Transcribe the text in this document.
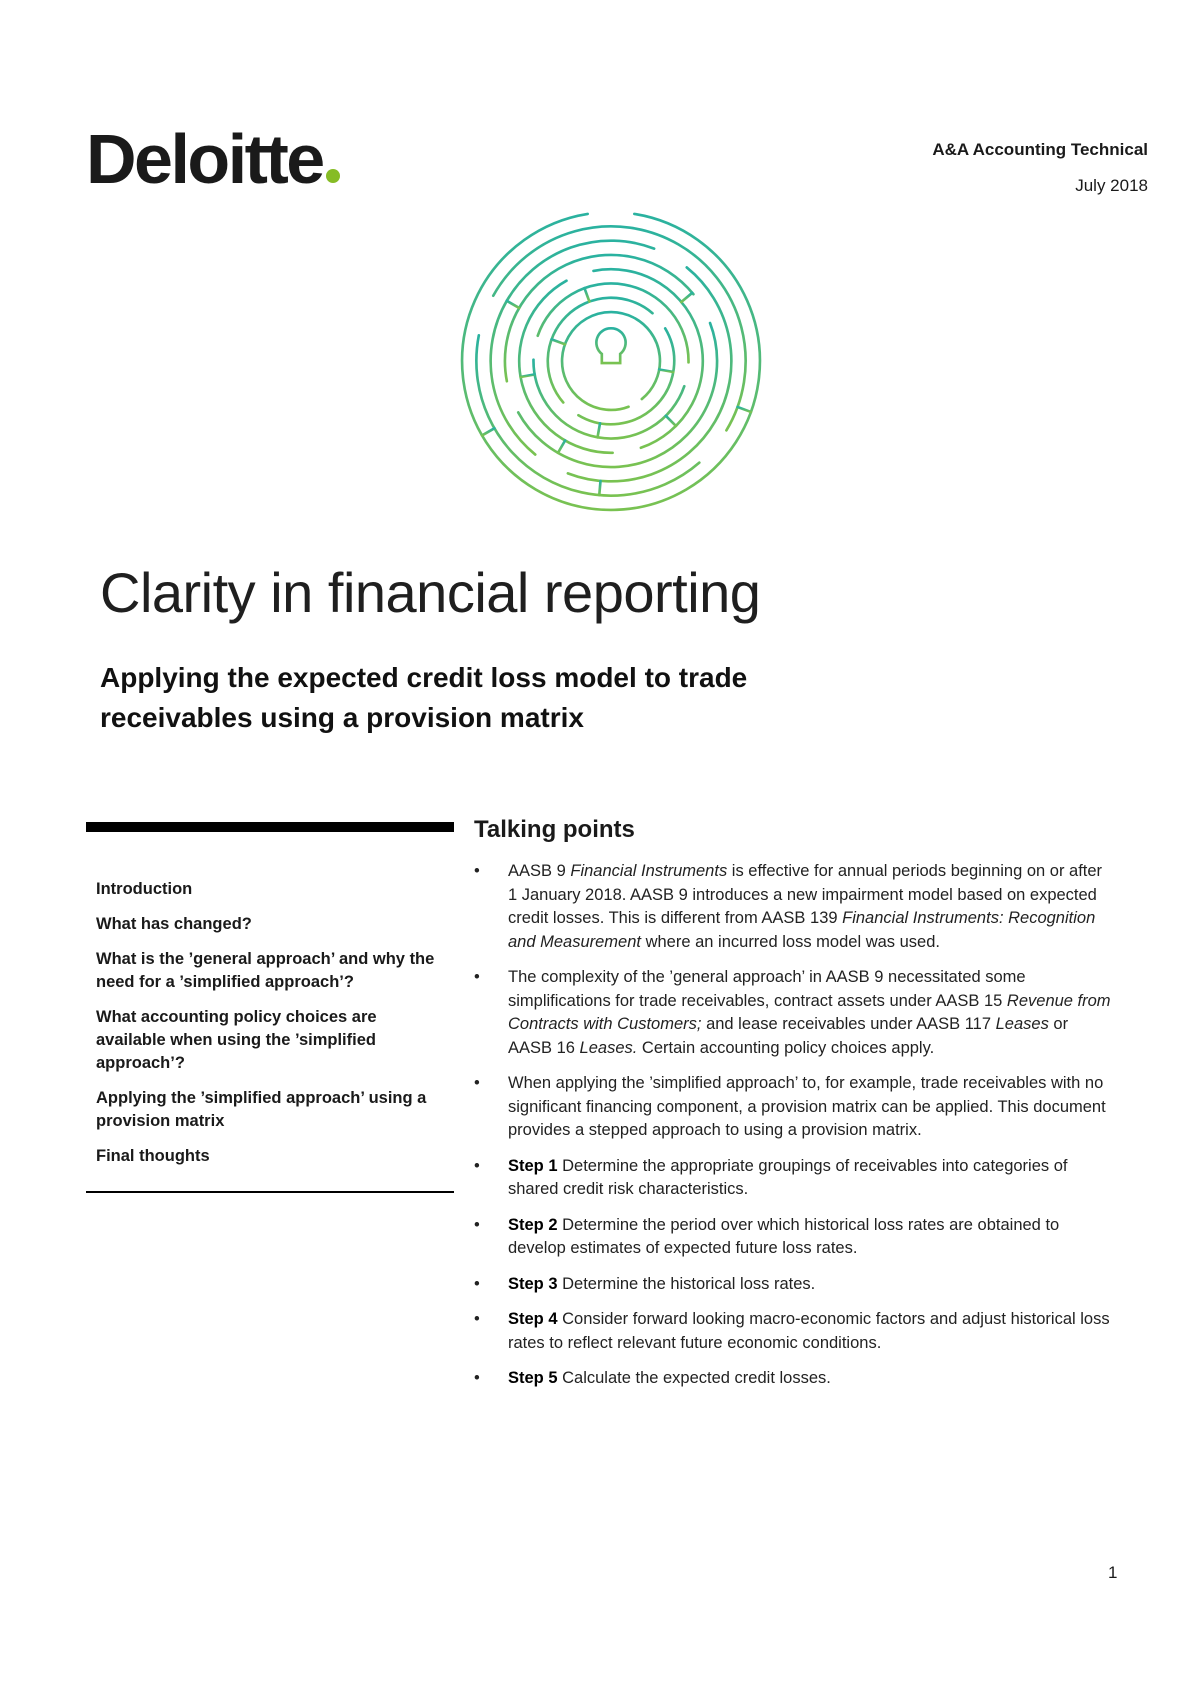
Deloitte	A&A Accounting Technical
July 2018
Clarity in financial reporting
Applying the expected credit loss model to trade receivables using a provision matrix
Introduction
What has changed?
What is the ’general approach’ and why the need for a ’simplified approach’?
What accounting policy choices are available when using the ’simplified approach’?
Applying the ’simplified approach’ using a provision matrix
Final thoughts
Talking points
• AASB 9 Financial Instruments is effective for annual periods beginning on or after 1 January 2018. AASB 9 introduces a new impairment model based on expected credit losses. This is different from AASB 139 Financial Instruments: Recognition and Measurement where an incurred loss model was used.
• The complexity of the ’general approach’ in AASB 9 necessitated some simplifications for trade receivables, contract assets under AASB 15 Revenue from Contracts with Customers; and lease receivables under AASB 117 Leases or AASB 16 Leases. Certain accounting policy choices apply.
• When applying the ’simplified approach’ to, for example, trade receivables with no significant financing component, a provision matrix can be applied. This document provides a stepped approach to using a provision matrix.
• Step 1 Determine the appropriate groupings of receivables into categories of shared credit risk characteristics.
• Step 2 Determine the period over which historical loss rates are obtained to develop estimates of expected future loss rates.
• Step 3 Determine the historical loss rates.
• Step 4 Consider forward looking macro-economic factors and adjust historical loss rates to reflect relevant future economic conditions.
• Step 5 Calculate the expected credit losses.
1
